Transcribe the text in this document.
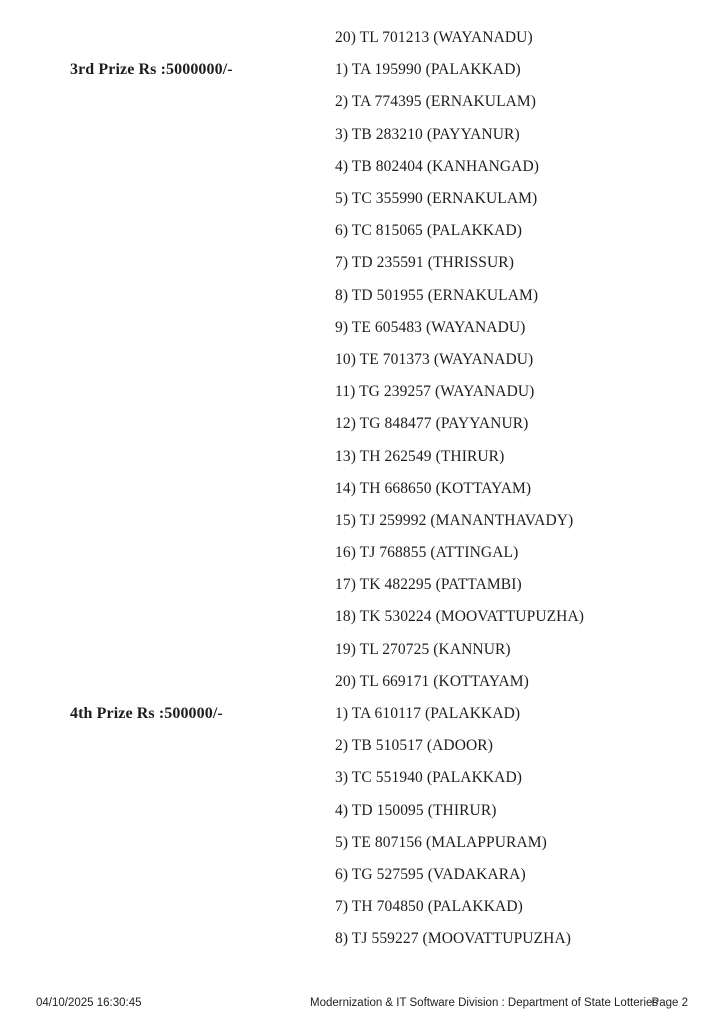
20) TL 701213 (WAYANADU)
3rd Prize Rs :5000000/-	1) TA 195990 (PALAKKAD)
2) TA 774395 (ERNAKULAM)
3) TB 283210 (PAYYANUR)
4) TB 802404 (KANHANGAD)
5) TC 355990 (ERNAKULAM)
6) TC 815065 (PALAKKAD)
7) TD 235591 (THRISSUR)
8) TD 501955 (ERNAKULAM)
9) TE 605483 (WAYANADU)
10) TE 701373 (WAYANADU)
11) TG 239257 (WAYANADU)
12) TG 848477 (PAYYANUR)
13) TH 262549 (THIRUR)
14) TH 668650 (KOTTAYAM)
15) TJ 259992 (MANANTHAVADY)
16) TJ 768855 (ATTINGAL)
17) TK 482295 (PATTAMBI)
18) TK 530224 (MOOVATTUPUZHA)
19) TL 270725 (KANNUR)
20) TL 669171 (KOTTAYAM)
4th Prize Rs :500000/-	1) TA 610117 (PALAKKAD)
2) TB 510517 (ADOOR)
3) TC 551940 (PALAKKAD)
4) TD 150095 (THIRUR)
5) TE 807156 (MALAPPURAM)
6) TG 527595 (VADAKARA)
7) TH 704850 (PALAKKAD)
8) TJ 559227 (MOOVATTUPUZHA)
04/10/2025 16:30:45	Modernization & IT Software Division : Department of State Lotteries
Page 2
